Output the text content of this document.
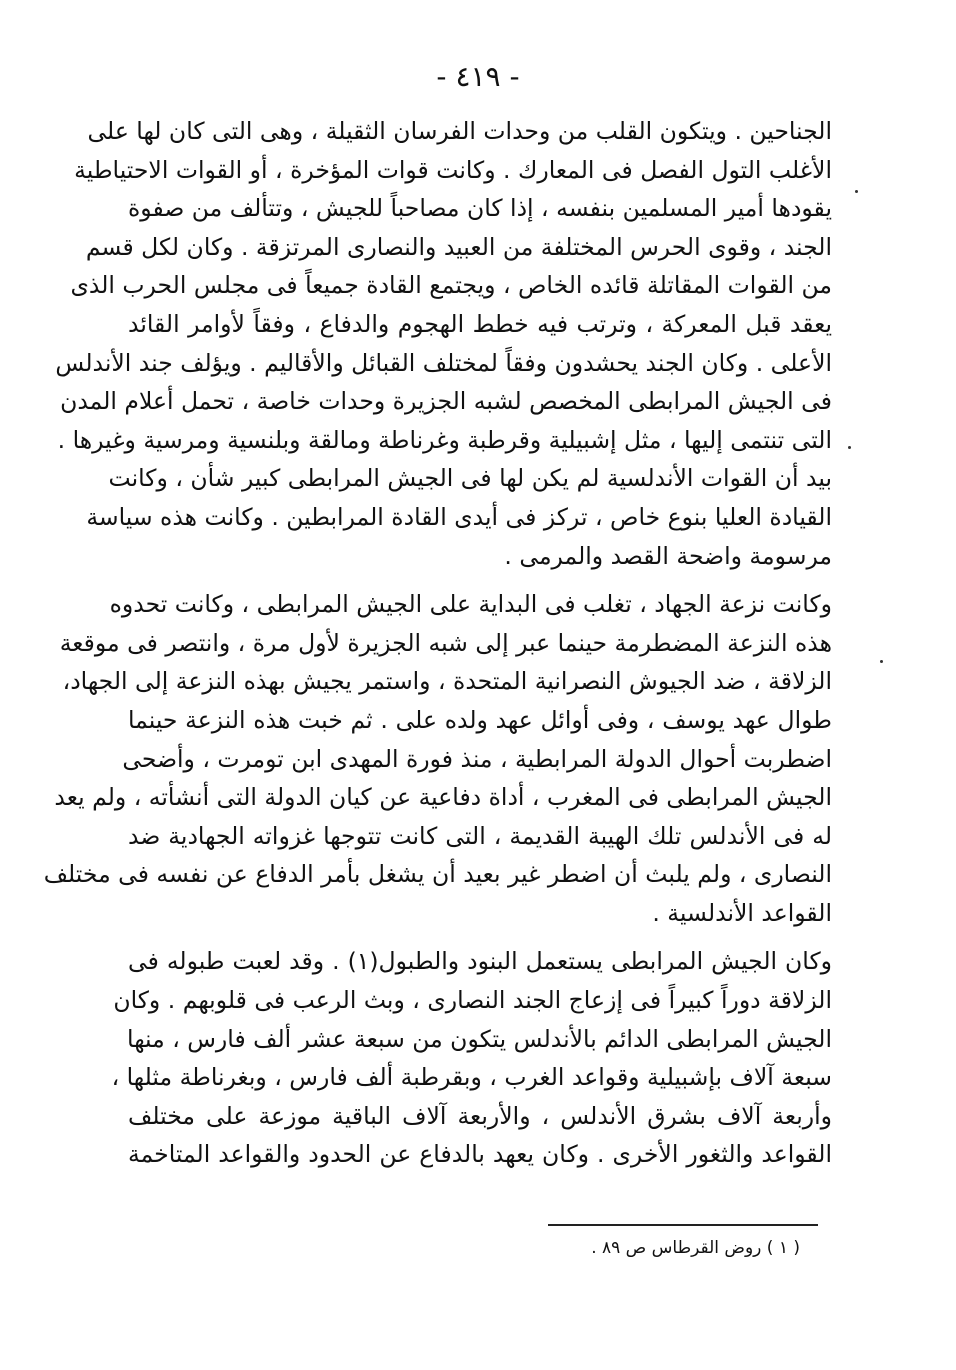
- ٤١٩ -
الجناحين . ويتكون القلب من وحدات الفرسان الثقيلة ، وهى التى كان لها على
الأغلب التول الفصل فى المعارك . وكانت قوات المؤخرة ، أو القوات الاحتياطية
يقودها أمير المسلمين بنفسه ، إذا كان مصاحباً للجيش ، وتتألف من صفوة
الجند ، وقوى الحرس المختلفة من العبيد والنصارى المرتزقة . وكان لكل قسم
من القوات المقاتلة قائده الخاص ، ويجتمع القادة جميعاً فى مجلس الحرب الذى
يعقد قبل المعركة ، وترتب فيه خطط الهجوم والدفاع ، وفقاً لأوامر القائد
الأعلى . وكان الجند يحشدون وفقاً لمختلف القبائل والأقاليم . ويؤلف جند الأندلس
فى الجيش المرابطى المخصص لشبه الجزيرة وحدات خاصة ، تحمل أعلام المدن
التى تنتمى إليها ، مثل إشبيلية وقرطبة وغرناطة ومالقة وبلنسية ومرسية وغيرها .
بيد أن القوات الأندلسية لم يكن لها فى الجيش المرابطى كبير شأن ، وكانت
القيادة العليا بنوع خاص ، تركز فى أيدى القادة المرابطين . وكانت هذه سياسة
مرسومة واضحة القصد والمرمى .
وكانت نزعة الجهاد ، تغلب فى البداية على الجيش المرابطى ، وكانت تحدوه
هذه النزعة المضطرمة حينما عبر إلى شبه الجزيرة لأول مرة ، وانتصر فى موقعة
الزلاقة ، ضد الجيوش النصرانية المتحدة ، واستمر يجيش بهذه النزعة إلى الجهاد،
طوال عهد يوسف ، وفى أوائل عهد ولده على . ثم خبت هذه النزعة حينما
اضطربت أحوال الدولة المرابطية ، منذ فورة المهدى ابن تومرت ، وأضحى
الجيش المرابطى فى المغرب ، أداة دفاعية عن كيان الدولة التى أنشأته ، ولم يعد
له فى الأندلس تلك الهيبة القديمة ، التى كانت تتوجها غزواته الجهادية ضد
النصارى ، ولم يلبث أن اضطر غير بعيد أن يشغل بأمر الدفاع عن نفسه فى مختلف
القواعد الأندلسية .
وكان الجيش المرابطى يستعمل البنود والطبول(١) . وقد لعبت طبوله فى
الزلاقة دوراً كبيراً فى إزعاج الجند النصارى ، وبث الرعب فى قلوبهم . وكان
الجيش المرابطى الدائم بالأندلس يتكون من سبعة عشر ألف فارس ، منها
سبعة آلاف بإشبيلية وقواعد الغرب ، وبقرطبة ألف فارس ، وبغرناطة مثلها ،
وأربعة آلاف بشرق الأندلس ، والأربعة آلاف الباقية موزعة على مختلف
القواعد والثغور الأخرى . وكان يعهد بالدفاع عن الحدود والقواعد المتاخمة
( ١ ) روض القرطاس ص ٨٩ .
